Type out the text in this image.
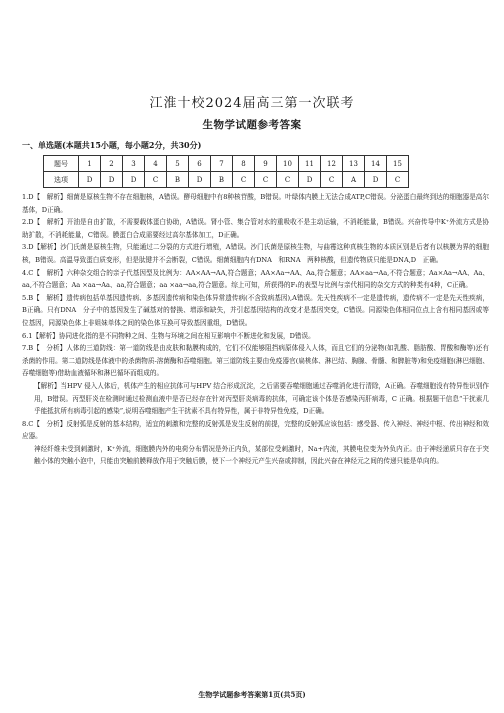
江淮十校2024届高三第一次联考
生物学试题参考答案
一、单选题(本题共15小题，每小题2分，共30分)
题号	1	2	3	4	5	6	7	8	9	10	11	12	13	14	15
选项	D	D	D	C	B	D	B	C	C	C	D	C	A	D	C

1.D【　解析】细菌是原核生物不存在细胞核，A错误。酵母细胞中有8种核苷酸，B错误。叶绿体内膜上无法合成ATP,C错误。分泌蛋白最终到达的细胞器是高尔基体，D正确。

2.D【　解析】开油是自由扩散，不需要载体蛋白协助，A错误。肾小管、集合管对水的重吸收不是主动运输，不消耗能量，B错误。兴奋传导中K⁺外流方式是协助扩散，不消耗能量，C错误。膜蛋白合成需要经过高尔基体加工，D正确。

3.D【解析】沙门氏菌是原核生物，只能通过二分裂的方式进行增殖，A错误。沙门氏菌是原核生物，与曲霉这种真核生物的本质区别是后者有以核膜为界的细胞核，B错误。高温导致蛋白质变形，但是肽键并不会断裂，C错误。细菌细胞内有DNA　和RNA　两种核酸，但遗传物质只能是DNA,D　正确。

4.C【　解析】六种杂交组合的亲子代基因型及比例为：AA×AA→AA,符合题意；AA×Aa→AA、Aa,符合题意；AA×aa→Aa,不符合题意；Aa×Aa→AA、Aa、aa,不符合题意；Aa ×aa→Aa、aa,符合题意；aa ×aa→aa,符合题意。综上可知，所获得的F₁的表型与比例与亲代相同的杂交方式的种类有4种，C正确。

5.B【　解析】遗传病包括单基因遗传病、多基因遗传病和染色体异常遗传病(不含致病基因),A错误。先天性疾病不一定是遗传病，遗传病不一定是先天性疾病，B正确。只有DNA　分子中的基因发生了碱基对的替换、增添和缺失，并引起基因结构的改变才是基因突变，C错误。同源染色体相同位点上含有相同基因或等位基因，同源染色体上非姐妹单体之间的染色体互换可导致基因重组，D错误。

6.1【解析】协同进化指的是不同物种之间、生物与环境之间在相互影响中不断进化和发展，D错误。

7.B【　分析】人体的三道防线：第一道防线是由皮肤和黏膜构成的，它们不仅能够阻挡病原体侵入人体，而且它们的分泌物(如乳酸、脂肪酸、胃酸和酶等)还有杀菌的作用。第二道防线是体液中的杀菌物质-溶菌酶和吞噬细胞。第三道防线主要由免疫器官(扁桃体、淋巴结、胸腺、骨髓、和脾脏等)和免疫细胞(淋巴细胞、吞噬细胞等)借助血液循环和淋巴循环而组成的。

【解析】当HPV 侵入人体后，机体产生的相应抗体可与HPV 结合形成沉淀，之后需要吞噬细胞通过吞噬消化进行清除，A正确。吞噬细胞没有特异性识别作用，B错误。丙型肝炎在检测时通过检测血液中是否已经存在针对丙型肝炎病毒的抗体，可确定该个体是否感染丙肝病毒，C 正确。根据题干信息“干扰素几乎能抵抗所有病毒引起的感染”,说明吞噬细胞产生干扰素不具有特异性，属于非特异性免疫，D正确。

8.C【　分析】反射弧是反射的基本结构，适宜的刺激和完整的反射弧是发生反射的前提，完整的反射弧应该包括：感受器、传入神经、神经中枢、传出神经和效应器。

神经纤维未受到刺激时，K⁺外流，细胞膜内外的电荷分布情况是外正内负，某部位受刺激时，Na+内流，其膜电位变为外负内正。由于神经递质只存在于突触小体的突触小泡中，只能由突触前膜释放作用于突触后膜，使下一个神经元产生兴奋或抑制，因此兴奋在神经元之间的传递只能是单向的。

生物学试题参考答案第1页(共5页)
